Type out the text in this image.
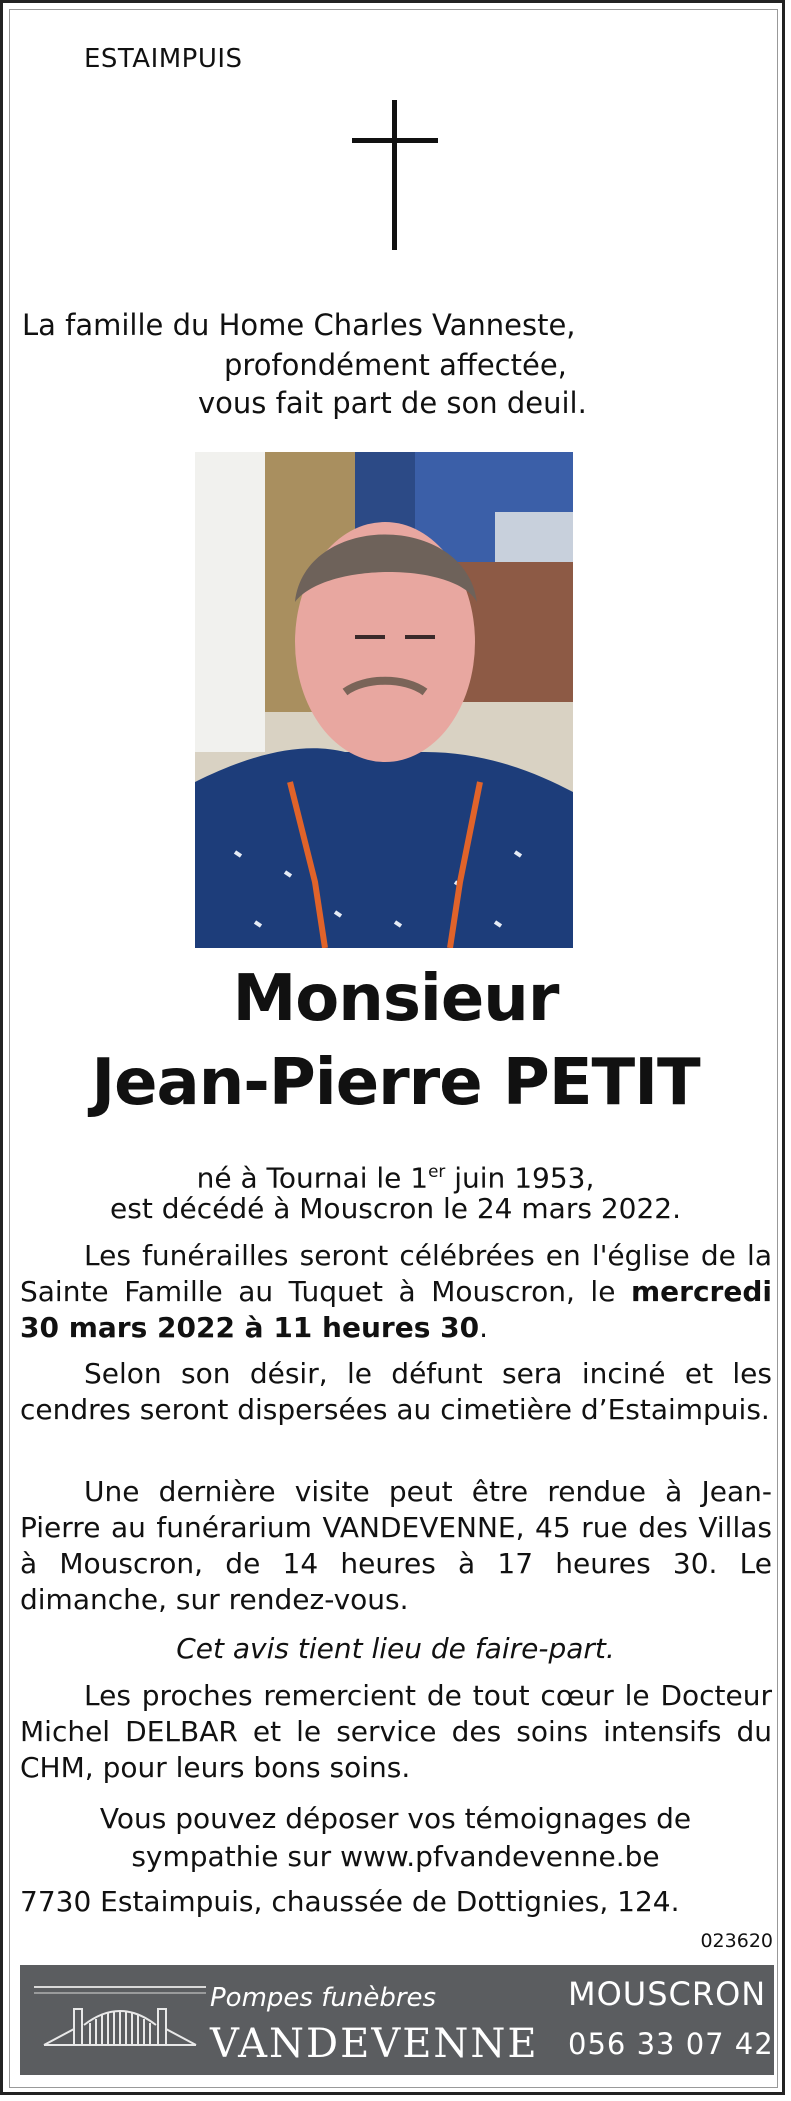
ESTAIMPUIS
La famille du Home Charles Vanneste,
profondément affectée,
vous fait part de son deuil.
Monsieur
Jean-Pierre PETIT
né à Tournai le 1er juin 1953,
est décédé à Mouscron le 24 mars 2022.
Les funérailles seront célébrées en l'église de la Sainte Famille au Tuquet à Mouscron, le mercredi 30 mars 2022 à 11 heures 30.
Selon son désir, le défunt sera inciné et les cendres seront dispersées au cimetière d’Estaimpuis.
Une dernière visite peut être rendue à Jean-Pierre au funérarium VANDEVENNE, 45 rue des Villas à Mouscron, de 14 heures à 17 heures 30. Le dimanche, sur rendez-vous.
Cet avis tient lieu de faire-part.
Les proches remercient de tout cœur le Docteur Michel DELBAR et le service des soins intensifs du CHM, pour leurs bons soins.
Vous pouvez déposer vos témoignages de
sympathie sur www.pfvandevenne.be
7730 Estaimpuis, chaussée de Dottignies, 124.
023620
Pompes funèbres
VANDEVENNE
MOUSCRON
056 33 07 42
